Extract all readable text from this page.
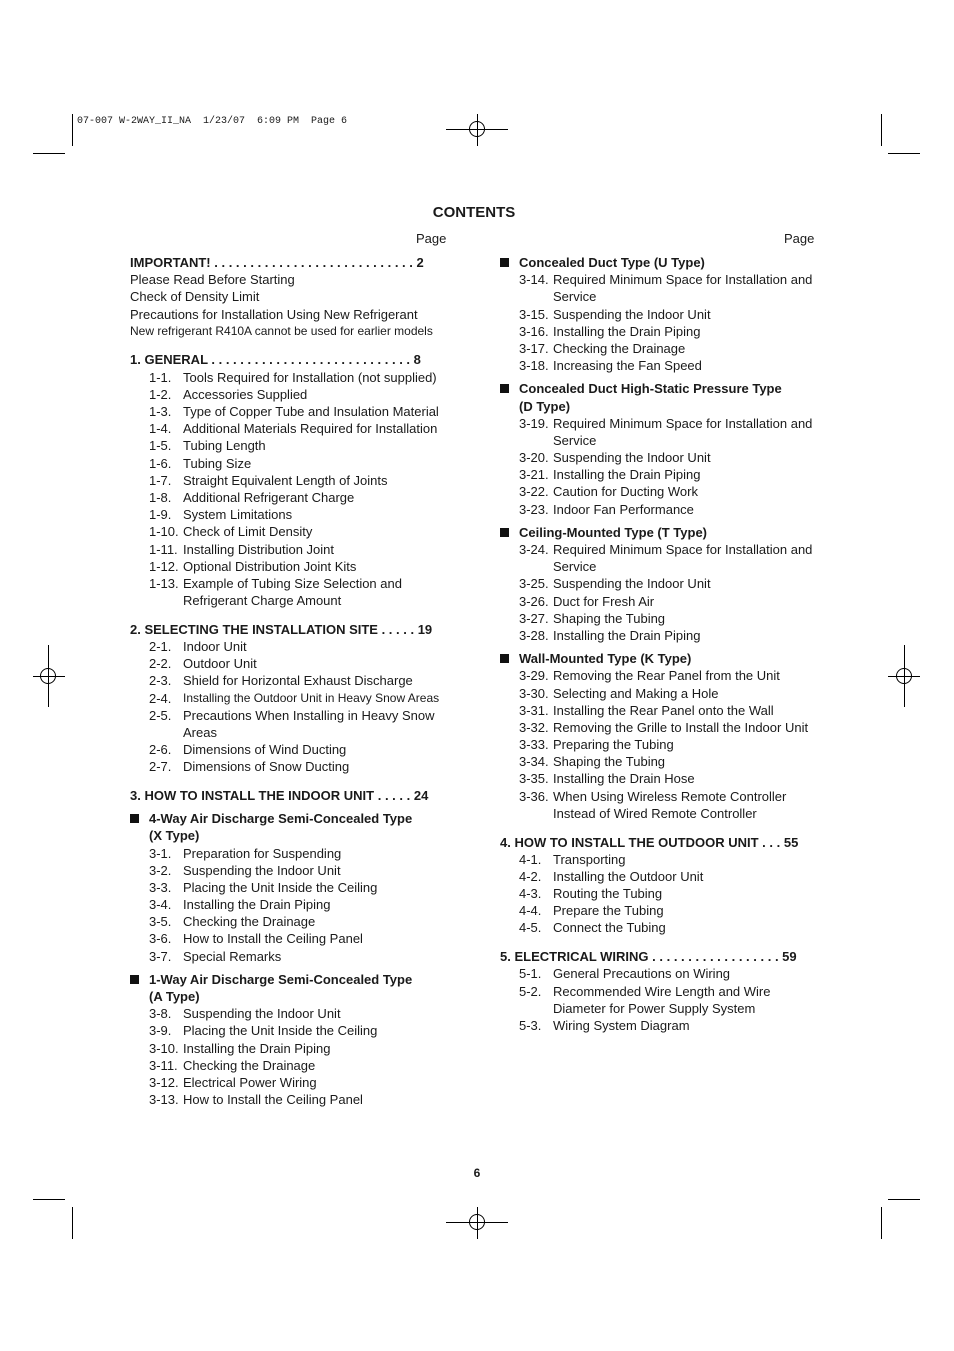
07-007 W-2WAY_II_NA  1/23/07  6:09 PM  Page 6
CONTENTS
Page	Page
IMPORTANT! . . . . . . . . . . . . . . . . . . . . . . . . . . . . 2
Please Read Before Starting
Check of Density Limit
Precautions for Installation Using New Refrigerant
New refrigerant R410A cannot be used for earlier models
1. GENERAL . . . . . . . . . . . . . . . . . . . . . . . . . . . . 8
1-1. Tools Required for Installation (not supplied)
1-2. Accessories Supplied
1-3. Type of Copper Tube and Insulation Material
1-4. Additional Materials Required for Installation
1-5. Tubing Length
1-6. Tubing Size
1-7. Straight Equivalent Length of Joints
1-8. Additional Refrigerant Charge
1-9. System Limitations
1-10. Check of Limit Density
1-11. Installing Distribution Joint
1-12. Optional Distribution Joint Kits
1-13. Example of Tubing Size Selection and
Refrigerant Charge Amount
2. SELECTING THE INSTALLATION SITE . . . . . 19
2-1. Indoor Unit
2-2. Outdoor Unit
2-3. Shield for Horizontal Exhaust Discharge
2-4. Installing the Outdoor Unit in Heavy Snow Areas
2-5. Precautions When Installing in Heavy Snow
Areas
2-6. Dimensions of Wind Ducting
2-7. Dimensions of Snow Ducting
3. HOW TO INSTALL THE INDOOR UNIT . . . . . 24
4-Way Air Discharge Semi-Concealed Type
(X Type)
3-1. Preparation for Suspending
3-2. Suspending the Indoor Unit
3-3. Placing the Unit Inside the Ceiling
3-4. Installing the Drain Piping
3-5. Checking the Drainage
3-6. How to Install the Ceiling Panel
3-7. Special Remarks
1-Way Air Discharge Semi-Concealed Type
(A Type)
3-8. Suspending the Indoor Unit
3-9. Placing the Unit Inside the Ceiling
3-10. Installing the Drain Piping
3-11. Checking the Drainage
3-12. Electrical Power Wiring
3-13. How to Install the Ceiling Panel
Concealed Duct Type (U Type)
3-14. Required Minimum Space for Installation and
Service
3-15. Suspending the Indoor Unit
3-16. Installing the Drain Piping
3-17. Checking the Drainage
3-18. Increasing the Fan Speed
Concealed Duct High-Static Pressure Type
(D Type)
3-19. Required Minimum Space for Installation and
Service
3-20. Suspending the Indoor Unit
3-21. Installing the Drain Piping
3-22. Caution for Ducting Work
3-23. Indoor Fan Performance
Ceiling-Mounted Type (T Type)
3-24. Required Minimum Space for Installation and
Service
3-25. Suspending the Indoor Unit
3-26. Duct for Fresh Air
3-27. Shaping the Tubing
3-28. Installing the Drain Piping
Wall-Mounted Type (K Type)
3-29. Removing the Rear Panel from the Unit
3-30. Selecting and Making a Hole
3-31. Installing the Rear Panel onto the Wall
3-32. Removing the Grille to Install the Indoor Unit
3-33. Preparing the Tubing
3-34. Shaping the Tubing
3-35. Installing the Drain Hose
3-36. When Using Wireless Remote Controller
Instead of Wired Remote Controller
4. HOW TO INSTALL THE OUTDOOR UNIT . . . 55
4-1. Transporting
4-2. Installing the Outdoor Unit
4-3. Routing the Tubing
4-4. Prepare the Tubing
4-5. Connect the Tubing
5. ELECTRICAL WIRING . . . . . . . . . . . . . . . . . . 59
5-1. General Precautions on Wiring
5-2. Recommended Wire Length and Wire
Diameter for Power Supply System
5-3. Wiring System Diagram
6
